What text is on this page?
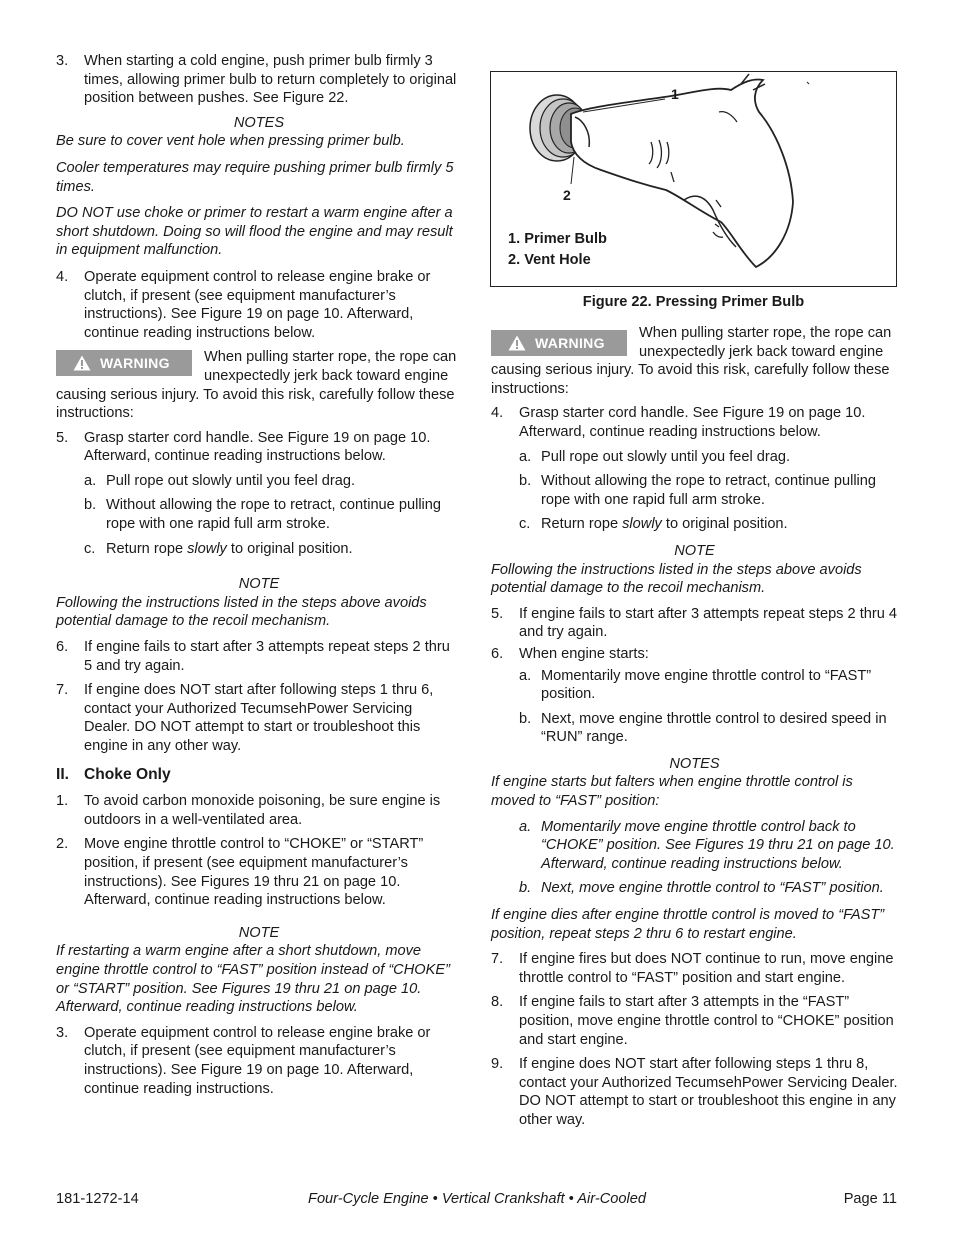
3. When starting a cold engine, push primer bulb firmly 3 times, allowing primer bulb to return completely to original position between pushes. See Figure 22.

NOTES

Be sure to cover vent hole when pressing primer bulb.

Cooler temperatures may require pushing primer bulb firmly 5 times.

DO NOT use choke or primer to restart a warm engine after a short shutdown. Doing so will flood the engine and may result in equipment malfunction.

4. Operate equipment control to release engine brake or clutch, if present (see equipment manufacturer’s instructions). See Figure 19 on page 10. Afterward, continue reading instructions below.

WARNING	When pulling starter rope, the rope can unexpectedly jerk back toward engine causing serious injury. To avoid this risk, carefully follow these instructions:

5. Grasp starter cord handle. See Figure 19 on page 10. Afterward, continue reading instructions below.

a. Pull rope out slowly until you feel drag.

b. Without allowing the rope to retract, continue pulling rope with one rapid full arm stroke.

c. Return rope slowly to original position.

NOTE

Following the instructions listed in the steps above avoids potential damage to the recoil mechanism.

6. If engine fails to start after 3 attempts repeat steps 2 thru 5 and try again.

7. If engine does NOT start after following steps 1 thru 6, contact your Authorized TecumsehPower Servicing Dealer. DO NOT attempt to start or troubleshoot this engine in any other way.

II. Choke Only
1. To avoid carbon monoxide poisoning, be sure engine is outdoors in a well-ventilated area.

2. Move engine throttle control to “CHOKE” or “START” position, if present (see equipment manufacturer’s instructions). See Figures 19 thru 21 on page 10. Afterward, continue reading instructions below.

NOTE

If restarting a warm engine after a short shutdown, move engine throttle control to “FAST” position instead of “CHOKE” or “START” position. See Figures 19 thru 21 on page 10. Afterward, continue reading instructions below.

3. Operate equipment control to release engine brake or clutch, if present (see equipment manufacturer’s instructions). See Figure 19 on page 10. Afterward, continue reading instructions.

1
2
1. Primer Bulb
2. Vent Hole
Figure 22. Pressing Primer Bulb
WARNING

When pulling starter rope, the rope can unexpectedly jerk back toward engine causing serious injury. To avoid this risk, carefully follow these instructions:

4. Grasp starter cord handle. See Figure 19 on page 10. Afterward, continue reading instructions below.

a. Pull rope out slowly until you feel drag.

b. Without allowing the rope to retract, continue pulling rope with one rapid full arm stroke.

c. Return rope slowly to original position.

NOTE

Following the instructions listed in the steps above avoids potential damage to the recoil mechanism.

5. If engine fails to start after 3 attempts repeat steps 2 thru 4 and try again.

6. When engine starts:

a. Momentarily move engine throttle control to “FAST” position.

b. Next, move engine throttle control to desired speed in “RUN” range.

NOTES

If engine starts but falters when engine throttle control is moved to “FAST” position:

a. Momentarily move engine throttle control back to “CHOKE” position. See Figures 19 thru 21 on page 10. Afterward, continue reading instructions below.

b. Next, move engine throttle control to “FAST” position.

If engine dies after engine throttle control is moved to “FAST” position, repeat steps 2 thru 6 to restart engine.

7. If engine fires but does NOT continue to run, move engine throttle control to “FAST” position and start engine.

8. If engine fails to start after 3 attempts in the “FAST” position, move engine throttle control to “CHOKE” position and start engine.

9. If engine does NOT start after following steps 1 thru 8, contact your Authorized TecumsehPower Servicing Dealer. DO NOT attempt to start or troubleshoot this engine in any other way.

181-1272-14	Four-Cycle Engine • Vertical Crankshaft • Air-Cooled	Page 11
